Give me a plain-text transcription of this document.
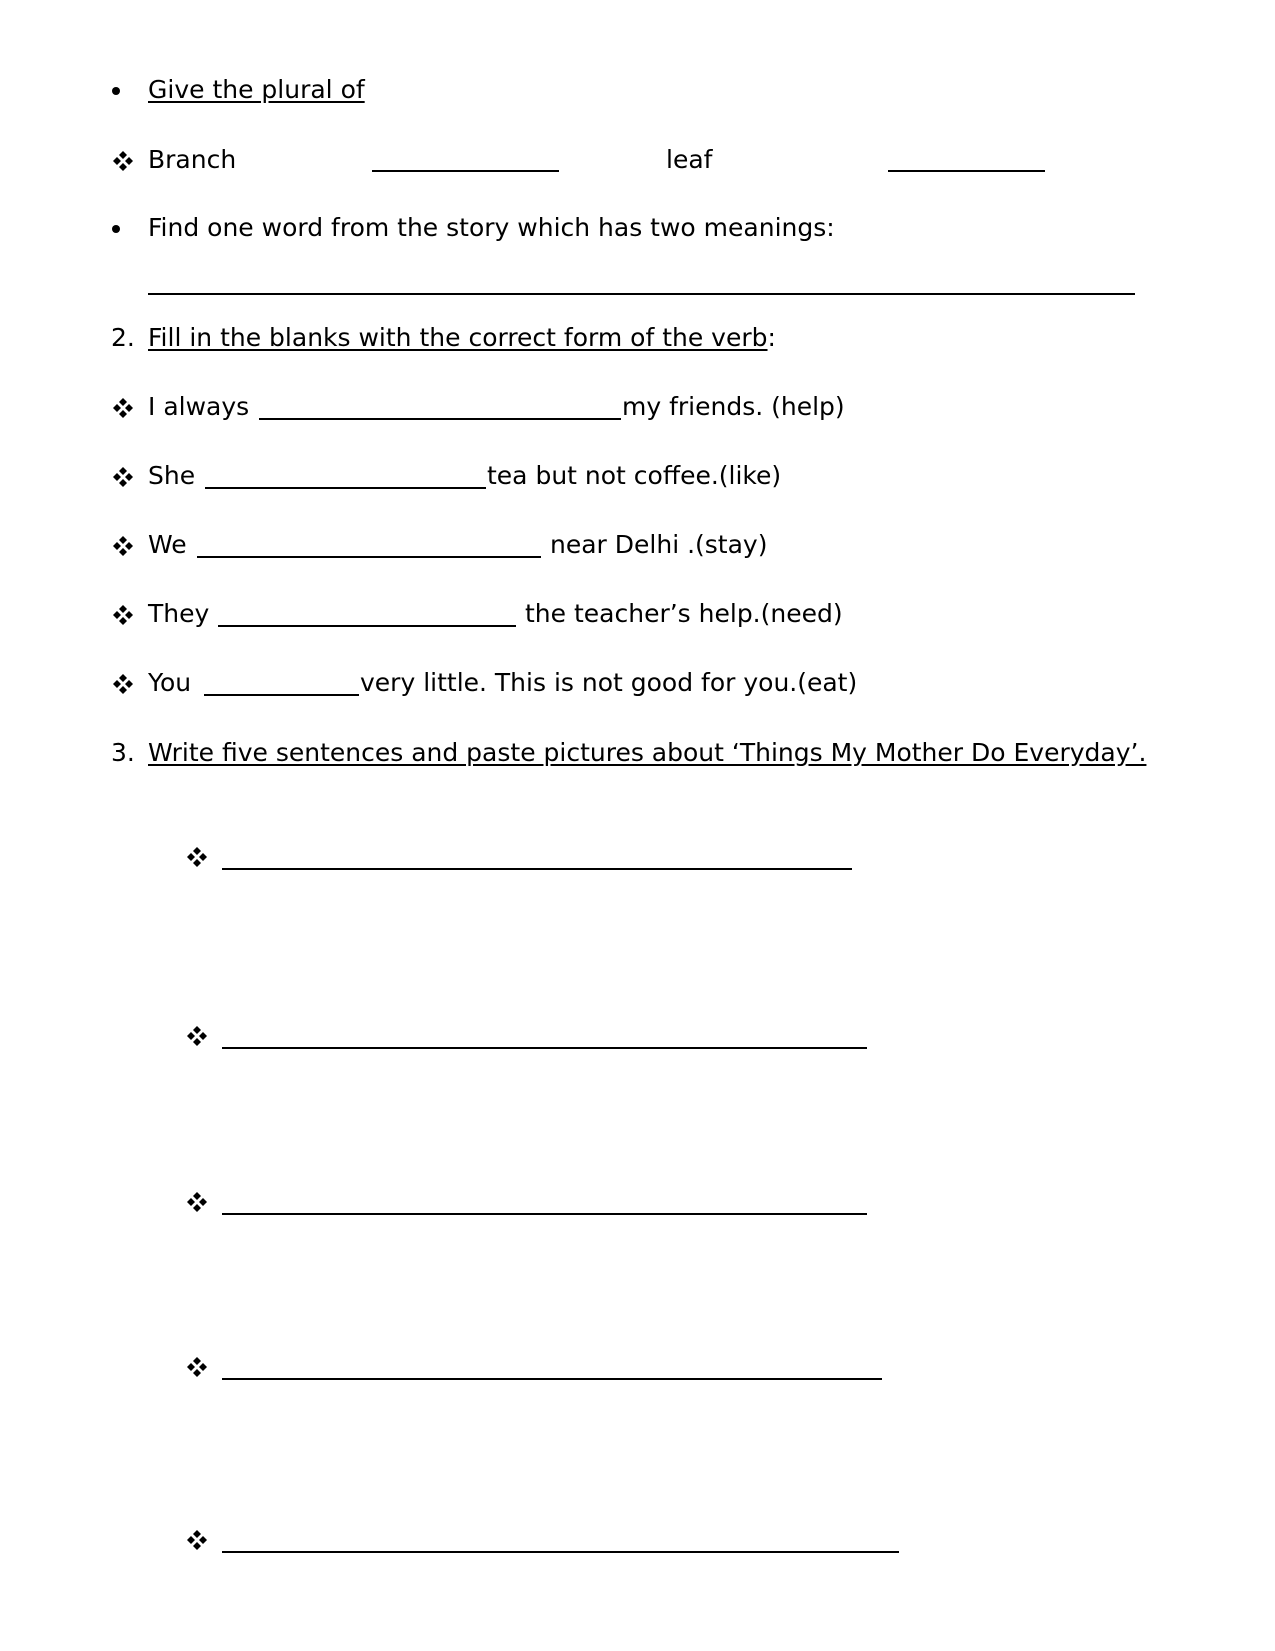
Give the plural of
Branch	leaf
Find one word from the story which has two meanings:
2. Fill in the blanks with the correct form of the verb:
I always	my friends. (help)
She	tea but not coffee.(like)
We	near Delhi .(stay)
They	the teacher’s help.(need)
You	very little. This is not good for you.(eat)
3. Write five sentences and paste pictures about ‘Things My Mother Do Everyday’.
